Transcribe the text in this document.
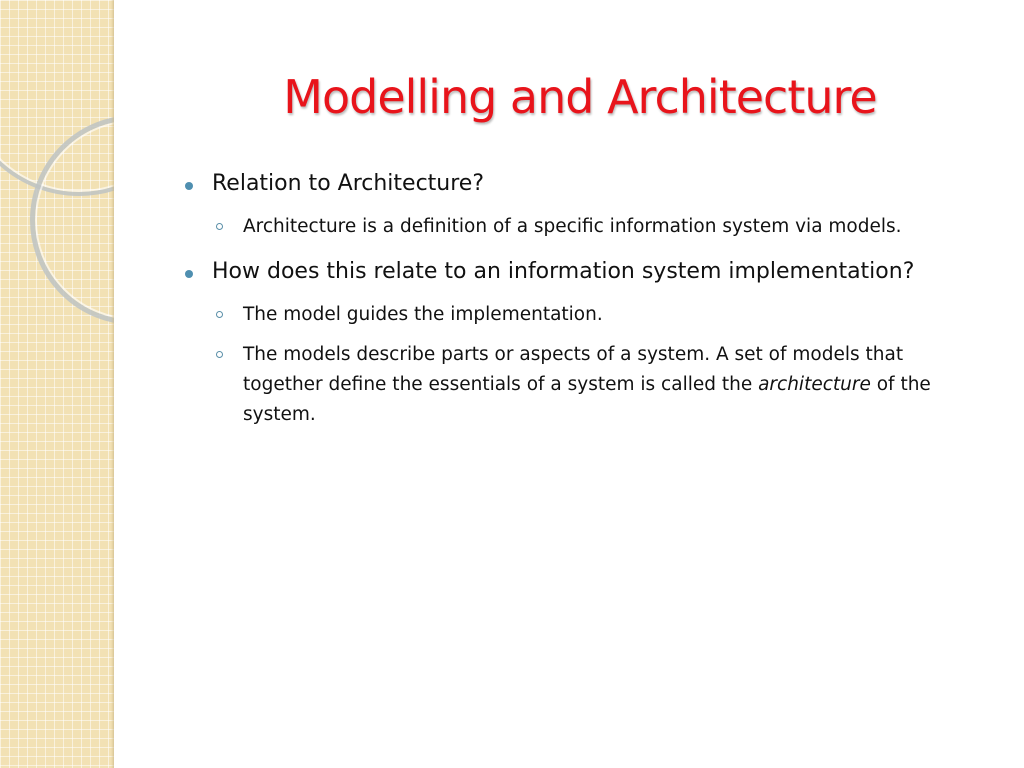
Modelling and Architecture
Relation to Architecture?
Architecture is a definition of a specific information system via models.
How does this relate to an information system implementation?
The model guides the implementation.
The models describe parts or aspects of a system. A set of models that together define the essentials of a system is called the architecture of the system.
